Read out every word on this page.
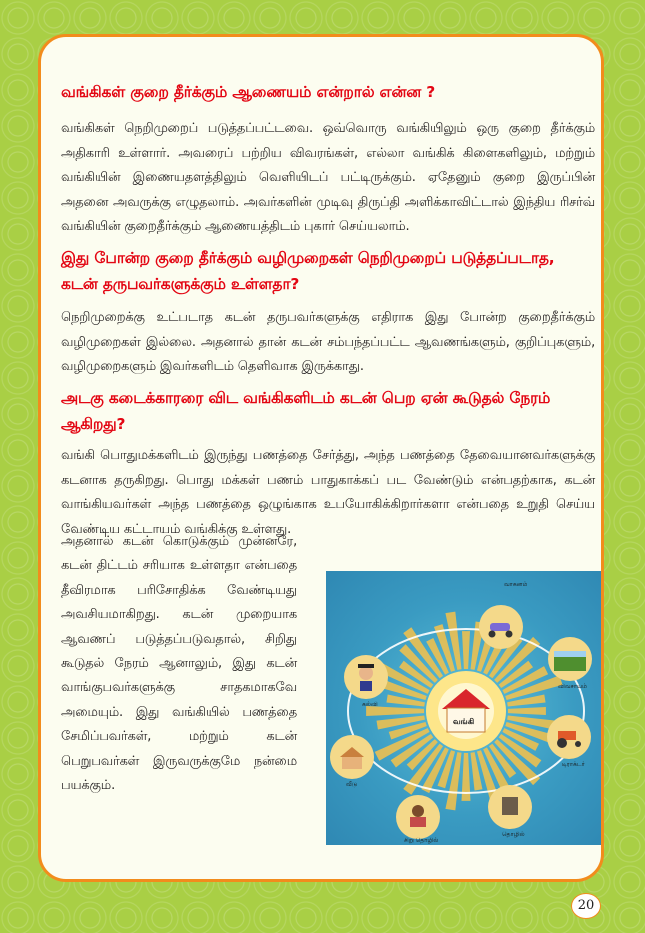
வங்கிகள் குறை தீர்க்கும் ஆணையம் என்றால் என்ன ?

வங்கிகள் நெறிமுறைப் படுத்தப்பட்டவை. ஒவ்வொரு வங்கியிலும் ஒரு குறை தீர்க்கும் அதிகாரி உள்ளார். அவரைப் பற்றிய விவரங்கள், எல்லா வங்கிக் கிளைகளிலும், மற்றும் வங்கியின் இணையதளத்திலும் வெளியிடப் பட்டிருக்கும். ஏதேனும் குறை இருப்பின் அதனை அவருக்கு எழுதலாம். அவர்களின் முடிவு திருப்தி அளிக்காவிட்டால் இந்திய ரிசர்வ் வங்கியின் குறைதீர்க்கும் ஆணையத்திடம் புகார் செய்யலாம்.

இது போன்ற குறை தீர்க்கும் வழிமுறைகள் நெறிமுறைப் படுத்தப்படாத, கடன் தருபவர்களுக்கும் உள்ளதா?

நெறிமுறைக்கு உட்படாத கடன் தருபவர்களுக்கு எதிராக இது போன்ற குறைதீர்க்கும் வழிமுறைகள் இல்லை. அதனால் தான் கடன் சம்பந்தப்பட்ட ஆவணங்களும், குறிப்புகளும், வழிமுறைகளும் இவர்களிடம் தெளிவாக இருக்காது.

அடகு கடைக்காரரை விட வங்கிகளிடம் கடன் பெற ஏன் கூடுதல் நேரம் ஆகிறது?

வங்கி பொதுமக்களிடம் இருந்து பணத்தை சேர்த்து, அந்த பணத்தை தேவையானவர்களுக்கு கடனாக தருகிறது. பொது மக்கள் பணம் பாதுகாக்கப் பட வேண்டும் என்பதற்காக, கடன் வாங்கியவர்கள் அந்த பணத்தை ஒழுங்காக உபயோகிக்கிறார்களா என்பதை உறுதி செய்ய வேண்டிய கட்டாயம் வங்கிக்கு உள்ளது.

அதனால் கடன் கொடுக்கும் முன்னரே, கடன் திட்டம் சரியாக உள்ளதா என்பதை தீவிரமாக பரிசோதிக்க வேண்டியது அவசியமாகிறது. கடன் முறையாக ஆவணப் படுத்தப்படுவதால், சிறிது கூடுதல் நேரம் ஆனாலும், இது கடன் வாங்குபவர்களுக்கு சாதகமாகவே அமையும். இது வங்கியில் பணத்தை சேமிப்பவர்கள், மற்றும் கடன் பெறுபவர்கள் இருவருக்குமே நன்மை பயக்கும்.

வாகனம்
விவசாயம்
டிராக்டர்
தொழில்
சிறு தொழில்
வீடு
கல்வி
வங்கி
20
